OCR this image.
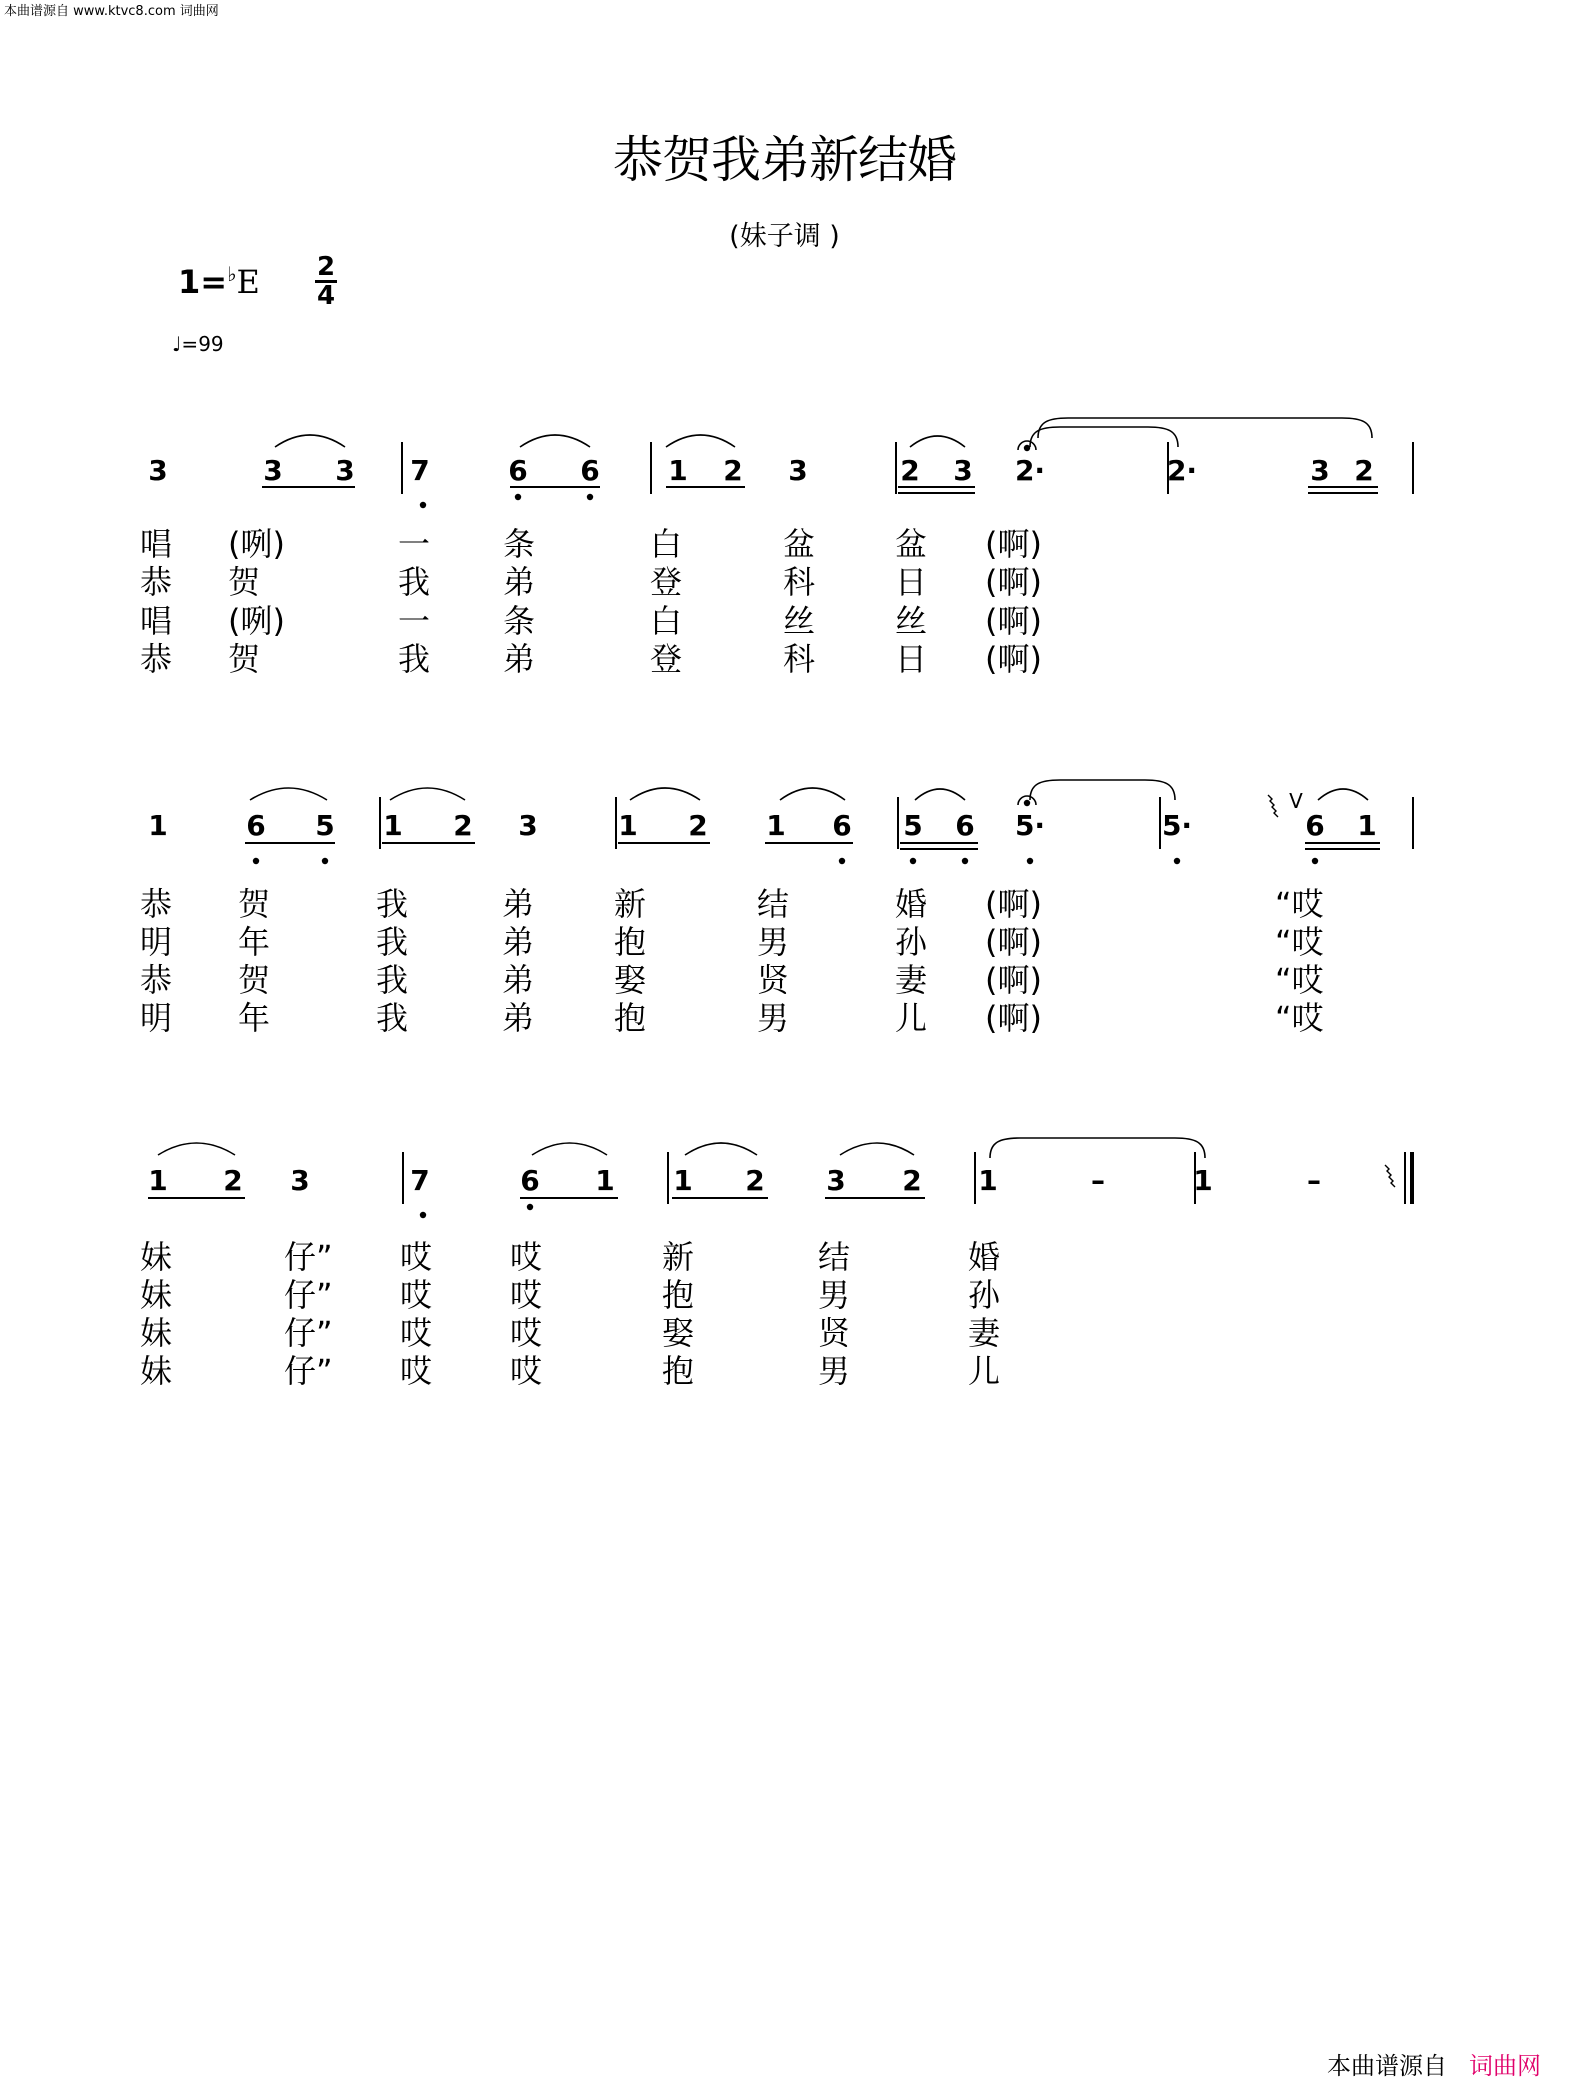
本曲谱源自 www.ktvc8.com 词曲网
恭贺我弟新结婚
(妹子调 )
1=♭E 2
4
♩=99
3	3 3 7	6 6 1 2 3	2 3 2·	2·	3 2
唱 (咧)	一 条	白	盆 盆 (啊)
恭 贺	我 弟	登	科 日 (啊)
唱 (咧)	一 条	白	丝 丝 (啊)
恭 贺	我 弟	登	科 日 (啊)
1	6 5 1 2 3	1 2 1 6 5 6 5·	5·	6 1
V
恭 贺	我	弟 新	结	婚 (啊)	“哎
明 年	我	弟 抱	男	孙 (啊)	“哎
恭 贺	我	弟 娶	贤	妻 (啊)	“哎
明 年	我	弟 抱	男	儿 (啊)	“哎
1 2 3	7	6 1 1 2 3 2 1	–	1	–
妹	仔” 哎 哎	新	结	婚
妹	仔” 哎 哎	抱	男	孙
妹	仔” 哎 哎	娶	贤	妻
妹	仔” 哎 哎	抱	男	儿
本曲谱源自 词曲网
